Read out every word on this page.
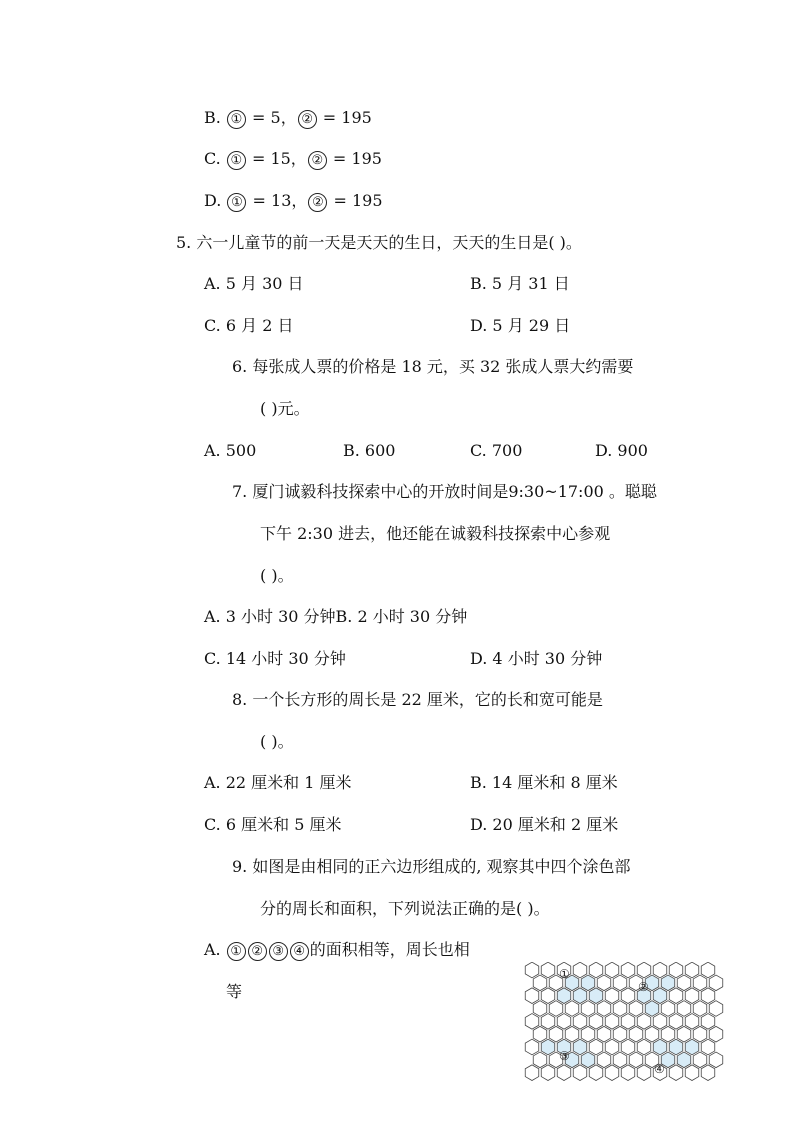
B. ① = 5， ② = 195
C. ① = 15， ② = 195
D. ① = 13， ② = 195
5. 六一儿童节的前一天是天天的生日，天天的生日是( )。
A. 5 月 30 日	B. 5 月 31 日
C. 6 月 2 日	D. 5 月 29 日
6. 每张成人票的价格是 18 元，买 32 张成人票大约需要
( )元。
A. 500	B. 600	C. 700	D. 900
7. 厦门诚毅科技探索中心的开放时间是9:30~17:00 。聪聪
下午 2:30 进去，他还能在诚毅科技探索中心参观
( )。
A. 3 小时 30 分钟B. 2 小时 30 分钟
C. 14 小时 30 分钟	D. 4 小时 30 分钟
8. 一个长方形的周长是 22 厘米，它的长和宽可能是
( )。
A. 22 厘米和 1 厘米	B. 14 厘米和 8 厘米
C. 6 厘米和 5 厘米	D. 20 厘米和 2 厘米
9. 如图是由相同的正六边形组成的, 观察其中四个涂色部
分的周长和面积，下列说法正确的是( )。
A. ① ② ③ ④ 的面积相等，周长也相
等
①
②
③
④
